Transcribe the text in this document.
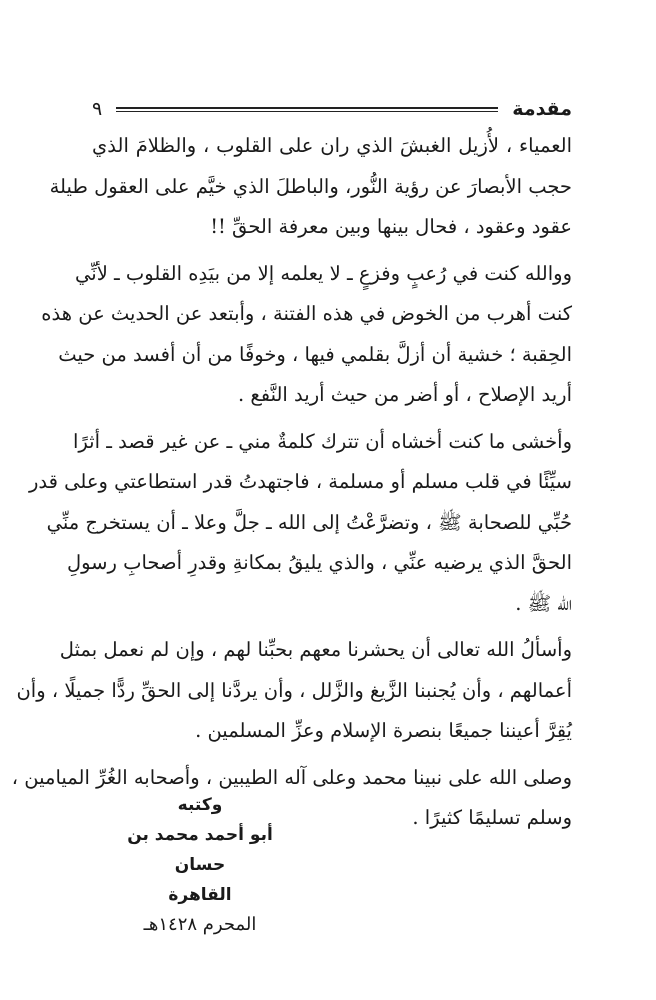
مقدمة
٩

العمياء ، لأُزيل الغبشَ الذي ران على القلوب ، والظلامَ الذي
حجب الأبصارَ عن رؤية النُّور، والباطلَ الذي خيَّم على العقول طيلة
عقود وعقود ، فحال بينها وبين معرفة الحقِّ !!

ووالله كنت في رُعبٍ وفزعٍ ـ لا يعلمه إلا من بيَدِه القلوب ـ لأنِّي
كنت أهرب من الخوض في هذه الفتنة ، وأبتعد عن الحديث عن هذه
الحِقبة ؛ خشية أن أزلَّ بقلمي فيها ، وخوفًا من أن أفسد من حيث
أريد الإصلاح ، أو أضر من حيث أريد النَّفع .

وأخشى ما كنت أخشاه أن تترك كلمةٌ مني ـ عن غير قصد ـ أثرًا
سيِّئًا في قلب مسلم أو مسلمة ، فاجتهدتُ قدر استطاعتي وعلى قدر
حُبِّي للصحابة ﷺ ، وتضرَّعْتُ إلى الله ـ جلَّ وعلا ـ أن يستخرج منِّي
الحقَّ الذي يرضيه عنِّي ، والذي يليقُ بمكانةِ وقدرِ أصحابِ رسولِ
الله ﷺ .

وأسألُ الله تعالى أن يحشرنا معهم بحبِّنا لهم ، وإن لم نعمل بمثل
أعمالهم ، وأن يُجنبنا الزَّيغ والزَّلل ، وأن يردَّنا إلى الحقِّ ردًّا جميلًا ، وأن
يُقِرَّ أعيننا جميعًا بنصرة الإسلام وعزِّ المسلمين .

وصلى الله على نبينا محمد وعلى آله الطيبين ، وأصحابه الغُرِّ الميامين ،
وسلم تسليمًا كثيرًا .

وكتبه
أبو أحمد محمد بن حسان
القاهرة
المحرم ١٤٢٨هـ
